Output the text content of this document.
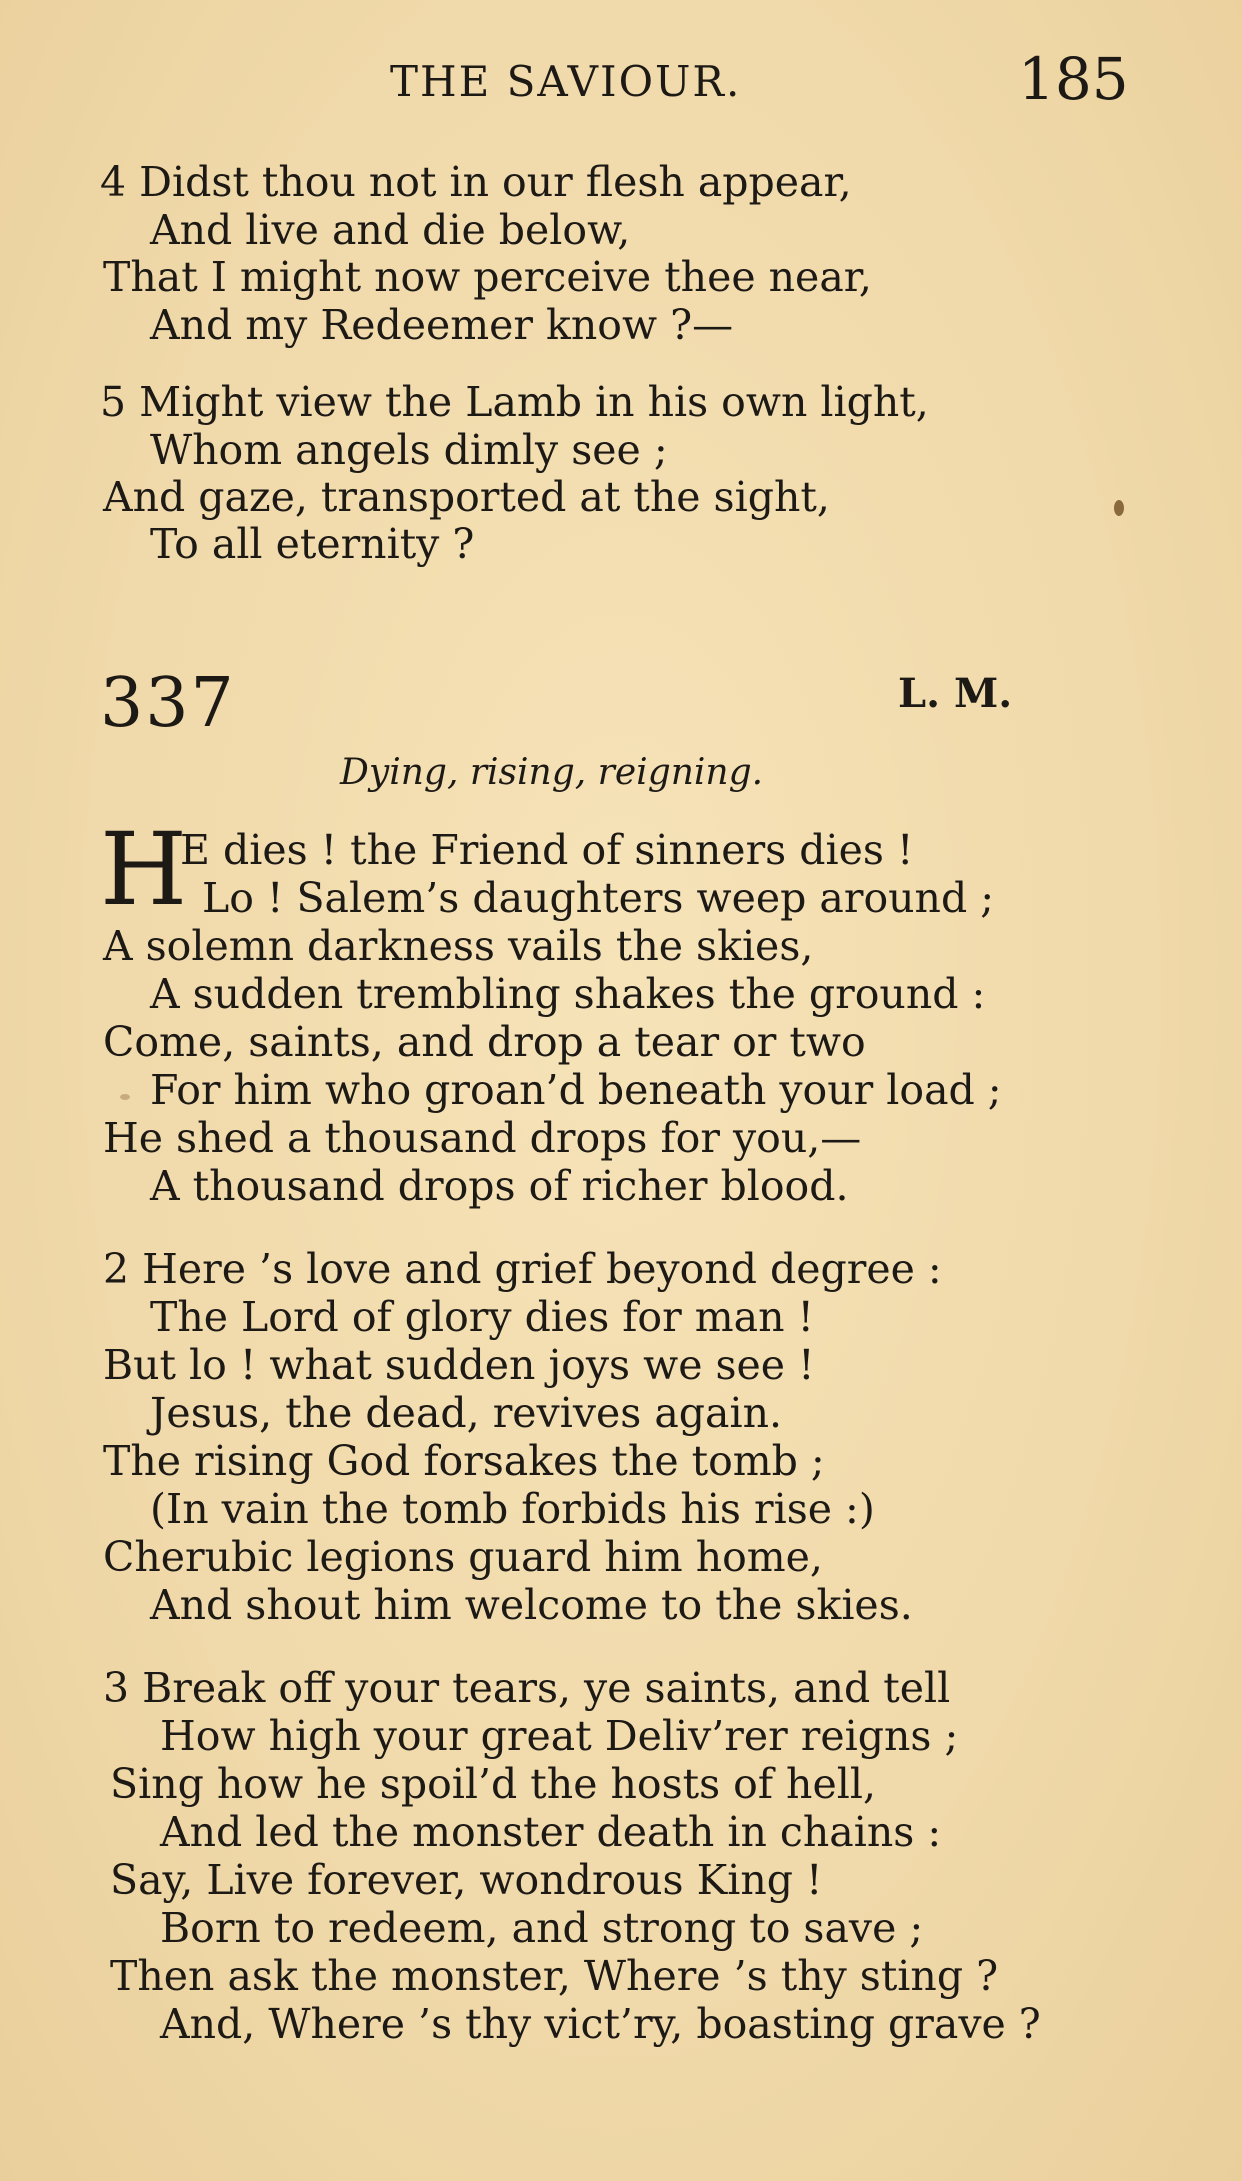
THE SAVIOUR.	185
4 Didst thou not in our flesh appear,
And live and die below,
That I might now perceive thee near,
And my Redeemer know ?—
5 Might view the Lamb in his own light,
Whom angels dimly see ;
And gaze, transported at the sight,
To all eternity ?
337	L. M.
Dying, rising, reigning.
H
E dies ! the Friend of sinners dies !
Lo ! Salem’s daughters weep around ;
A solemn darkness vails the skies,
A sudden trembling shakes the ground :
Come, saints, and drop a tear or two
For him who groan’d beneath your load ;
He shed a thousand drops for you,—
A thousand drops of richer blood.
2 Here ’s love and grief beyond degree :
The Lord of glory dies for man !
But lo ! what sudden joys we see !
Jesus, the dead, revives again.
The rising God forsakes the tomb ;
(In vain the tomb forbids his rise :)
Cherubic legions guard him home,
And shout him welcome to the skies.
3 Break off your tears, ye saints, and tell
How high your great Deliv’rer reigns ;
Sing how he spoil’d the hosts of hell,
And led the monster death in chains :
Say, Live forever, wondrous King !
Born to redeem, and strong to save ;
Then ask the monster, Where ’s thy sting ?
And, Where ’s thy vict’ry, boasting grave ?
